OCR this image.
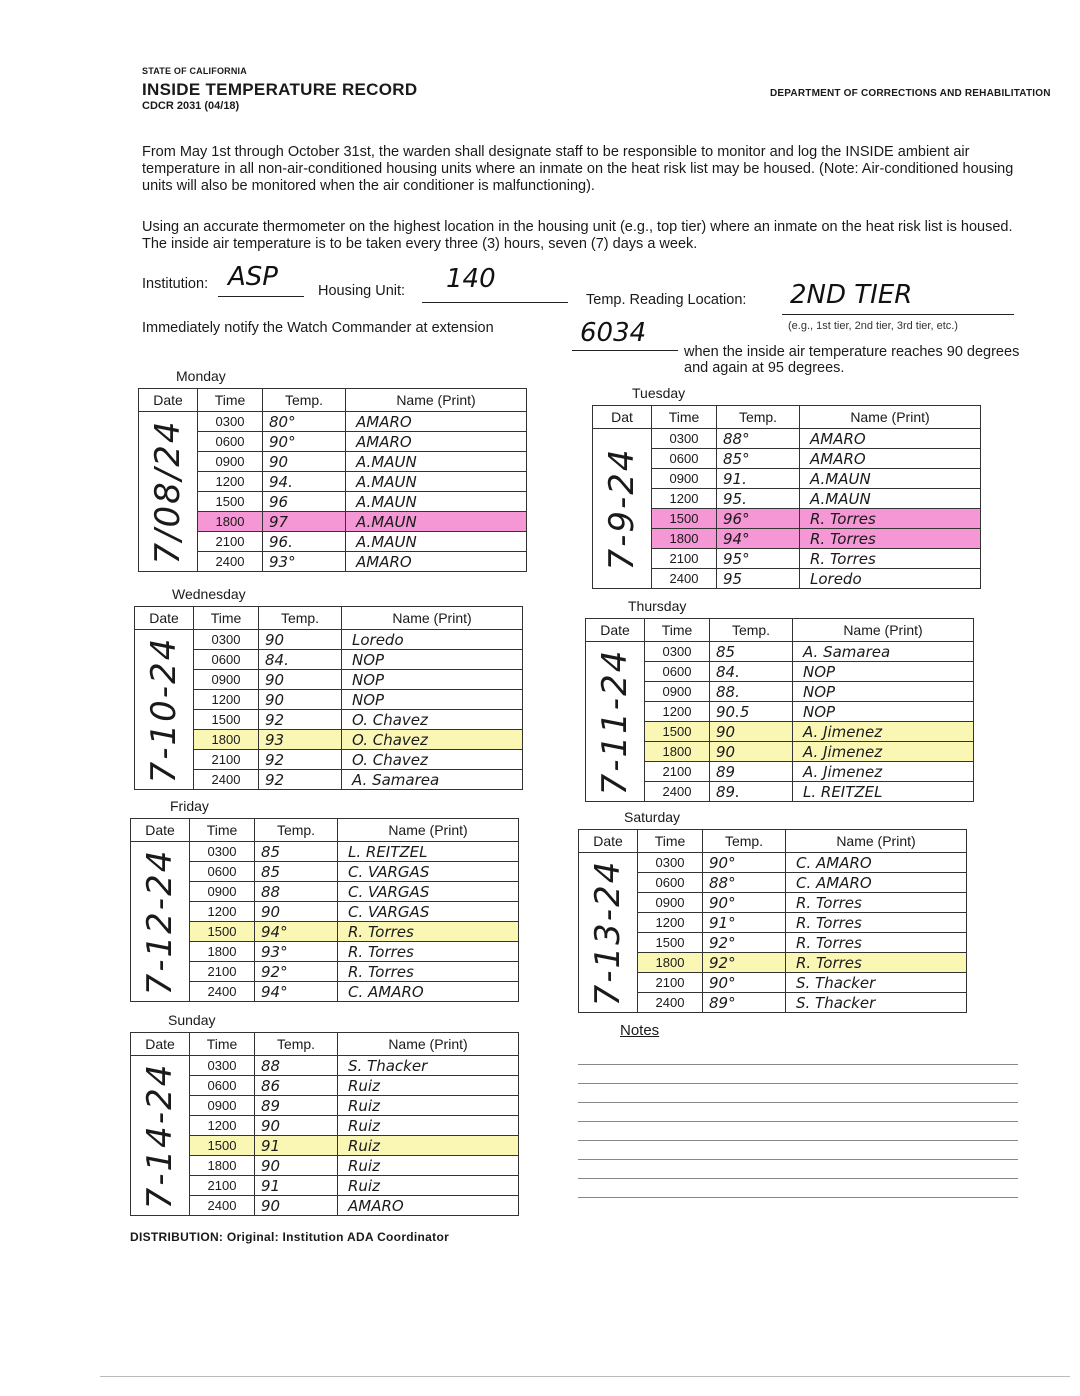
STATE OF CALIFORNIA
INSIDE TEMPERATURE RECORD
CDCR 2031 (04/18)
DEPARTMENT OF CORRECTIONS AND REHABILITATION
From May 1st through October 31st, the warden shall designate staff to be responsible to monitor and log the INSIDE ambient air temperature in all non-air-conditioned housing units where an inmate on the heat risk list may be housed. (Note: Air-conditioned housing units will also be monitored when the air conditioner is malfunctioning).
Using an accurate thermometer on the highest location in the housing unit (e.g., top tier) where an inmate on the heat risk list is housed. The inside air temperature is to be taken every three (3) hours, seven (7) days a week.
Institution: ASP	Housing Unit: 140
Temp. Reading Location: 2ND TIER
(e.g., 1st tier, 2nd tier, 3rd tier, etc.)
Immediately notify the Watch Commander at extension	6034
when the inside air temperature reaches 90 degrees and again at 95 degrees.
Monday
Date	Time	Temp.	Name (Print)

7/08/24	0300	80°	AMARO
	0600	90°	AMARO
	0900	90	A.MAUN
	1200	94.	A.MAUN
	1500	96	A.MAUN
	1800	97	A.MAUN
	2100	96.	A.MAUN
	2400	93°	AMARO
Tuesday
Dat	Time	Temp.	Name (Print)

7-9-24	0300	88°	AMARO
	0600	85°	AMARO
	0900	91.	A.MAUN
	1200	95.	A.MAUN
	1500	96°	R. Torres
	1800	94°	R. Torres
	2100	95°	R. Torres
	2400	95	Loredo
Wednesday
Date	Time	Temp.	Name (Print)

7-10-24	0300	90	Loredo
	0600	84.	NOP
	0900	90	NOP
	1200	90	NOP
	1500	92	O. Chavez
	1800	93	O. Chavez
	2100	92	O. Chavez
	2400	92	A. Samarea
Thursday
Date	Time	Temp.	Name (Print)

7-11-24	0300	85	A. Samarea
	0600	84.	NOP
	0900	88.	NOP
	1200	90.5	NOP
	1500	90	A. Jimenez
	1800	90	A. Jimenez
	2100	89	A. Jimenez
	2400	89.	L. REITZEL
Friday
Date	Time	Temp.	Name (Print)

7-12-24	0300	85	L. REITZEL
	0600	85	C. VARGAS
	0900	88	C. VARGAS
	1200	90	C. VARGAS
	1500	94°	R. Torres
	1800	93°	R. Torres
	2100	92°	R. Torres
	2400	94°	C. AMARO
Saturday
Date	Time	Temp.	Name (Print)

7-13-24	0300	90°	C. AMARO
	0600	88°	C. AMARO
	0900	90°	R. Torres
	1200	91°	R. Torres
	1500	92°	R. Torres
	1800	92°	R. Torres
	2100	90°	S. Thacker
	2400	89°	S. Thacker
Sunday
Date	Time	Temp.	Name (Print)

7-14-24	0300	88	S. Thacker
	0600	86	Ruiz
	0900	89	Ruiz
	1200	90	Ruiz
	1500	91	Ruiz
	1800	90	Ruiz
	2100	91	Ruiz
	2400	90	AMARO
Notes
DISTRIBUTION: Original: Institution ADA Coordinator
